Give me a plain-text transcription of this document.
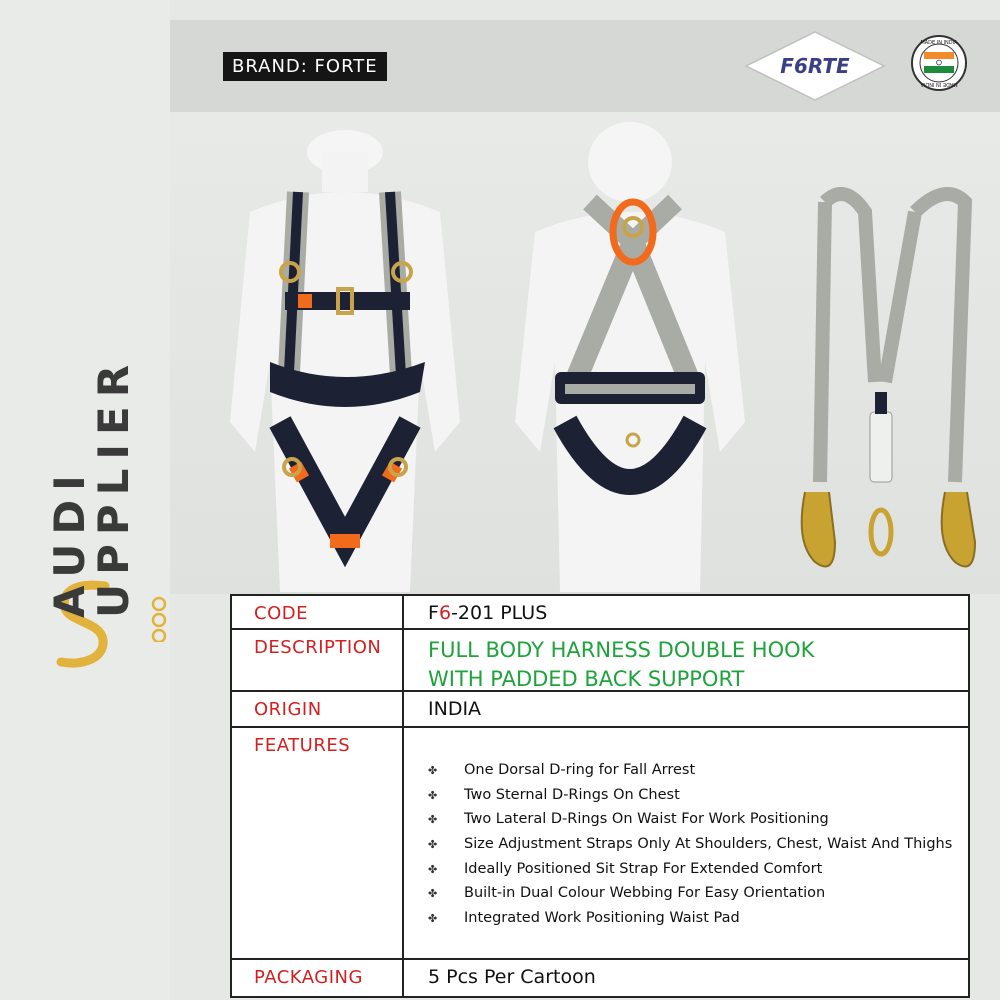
AUDI
UPPLIER
BRAND: FORTE	F6RTE
MADE IN INDIA
MADE IN INDIA
CODE	F6-201 PLUS
DESCRIPTION	FULL BODY HARNESS DOUBLE HOOK
WITH PADDED BACK SUPPORT
ORIGIN	INDIA
FEATURES
✤ One Dorsal D-ring for Fall Arrest
✤ Two Sternal D-Rings On Chest
✤ Two Lateral D-Rings On Waist For Work Positioning
✤ Size Adjustment Straps Only At Shoulders, Chest, Waist And Thighs
✤ Ideally Positioned Sit Strap For Extended Comfort
✤ Built-in Dual Colour Webbing For Easy Orientation
✤ Integrated Work Positioning Waist Pad
PACKAGING	5 Pcs Per Cartoon
